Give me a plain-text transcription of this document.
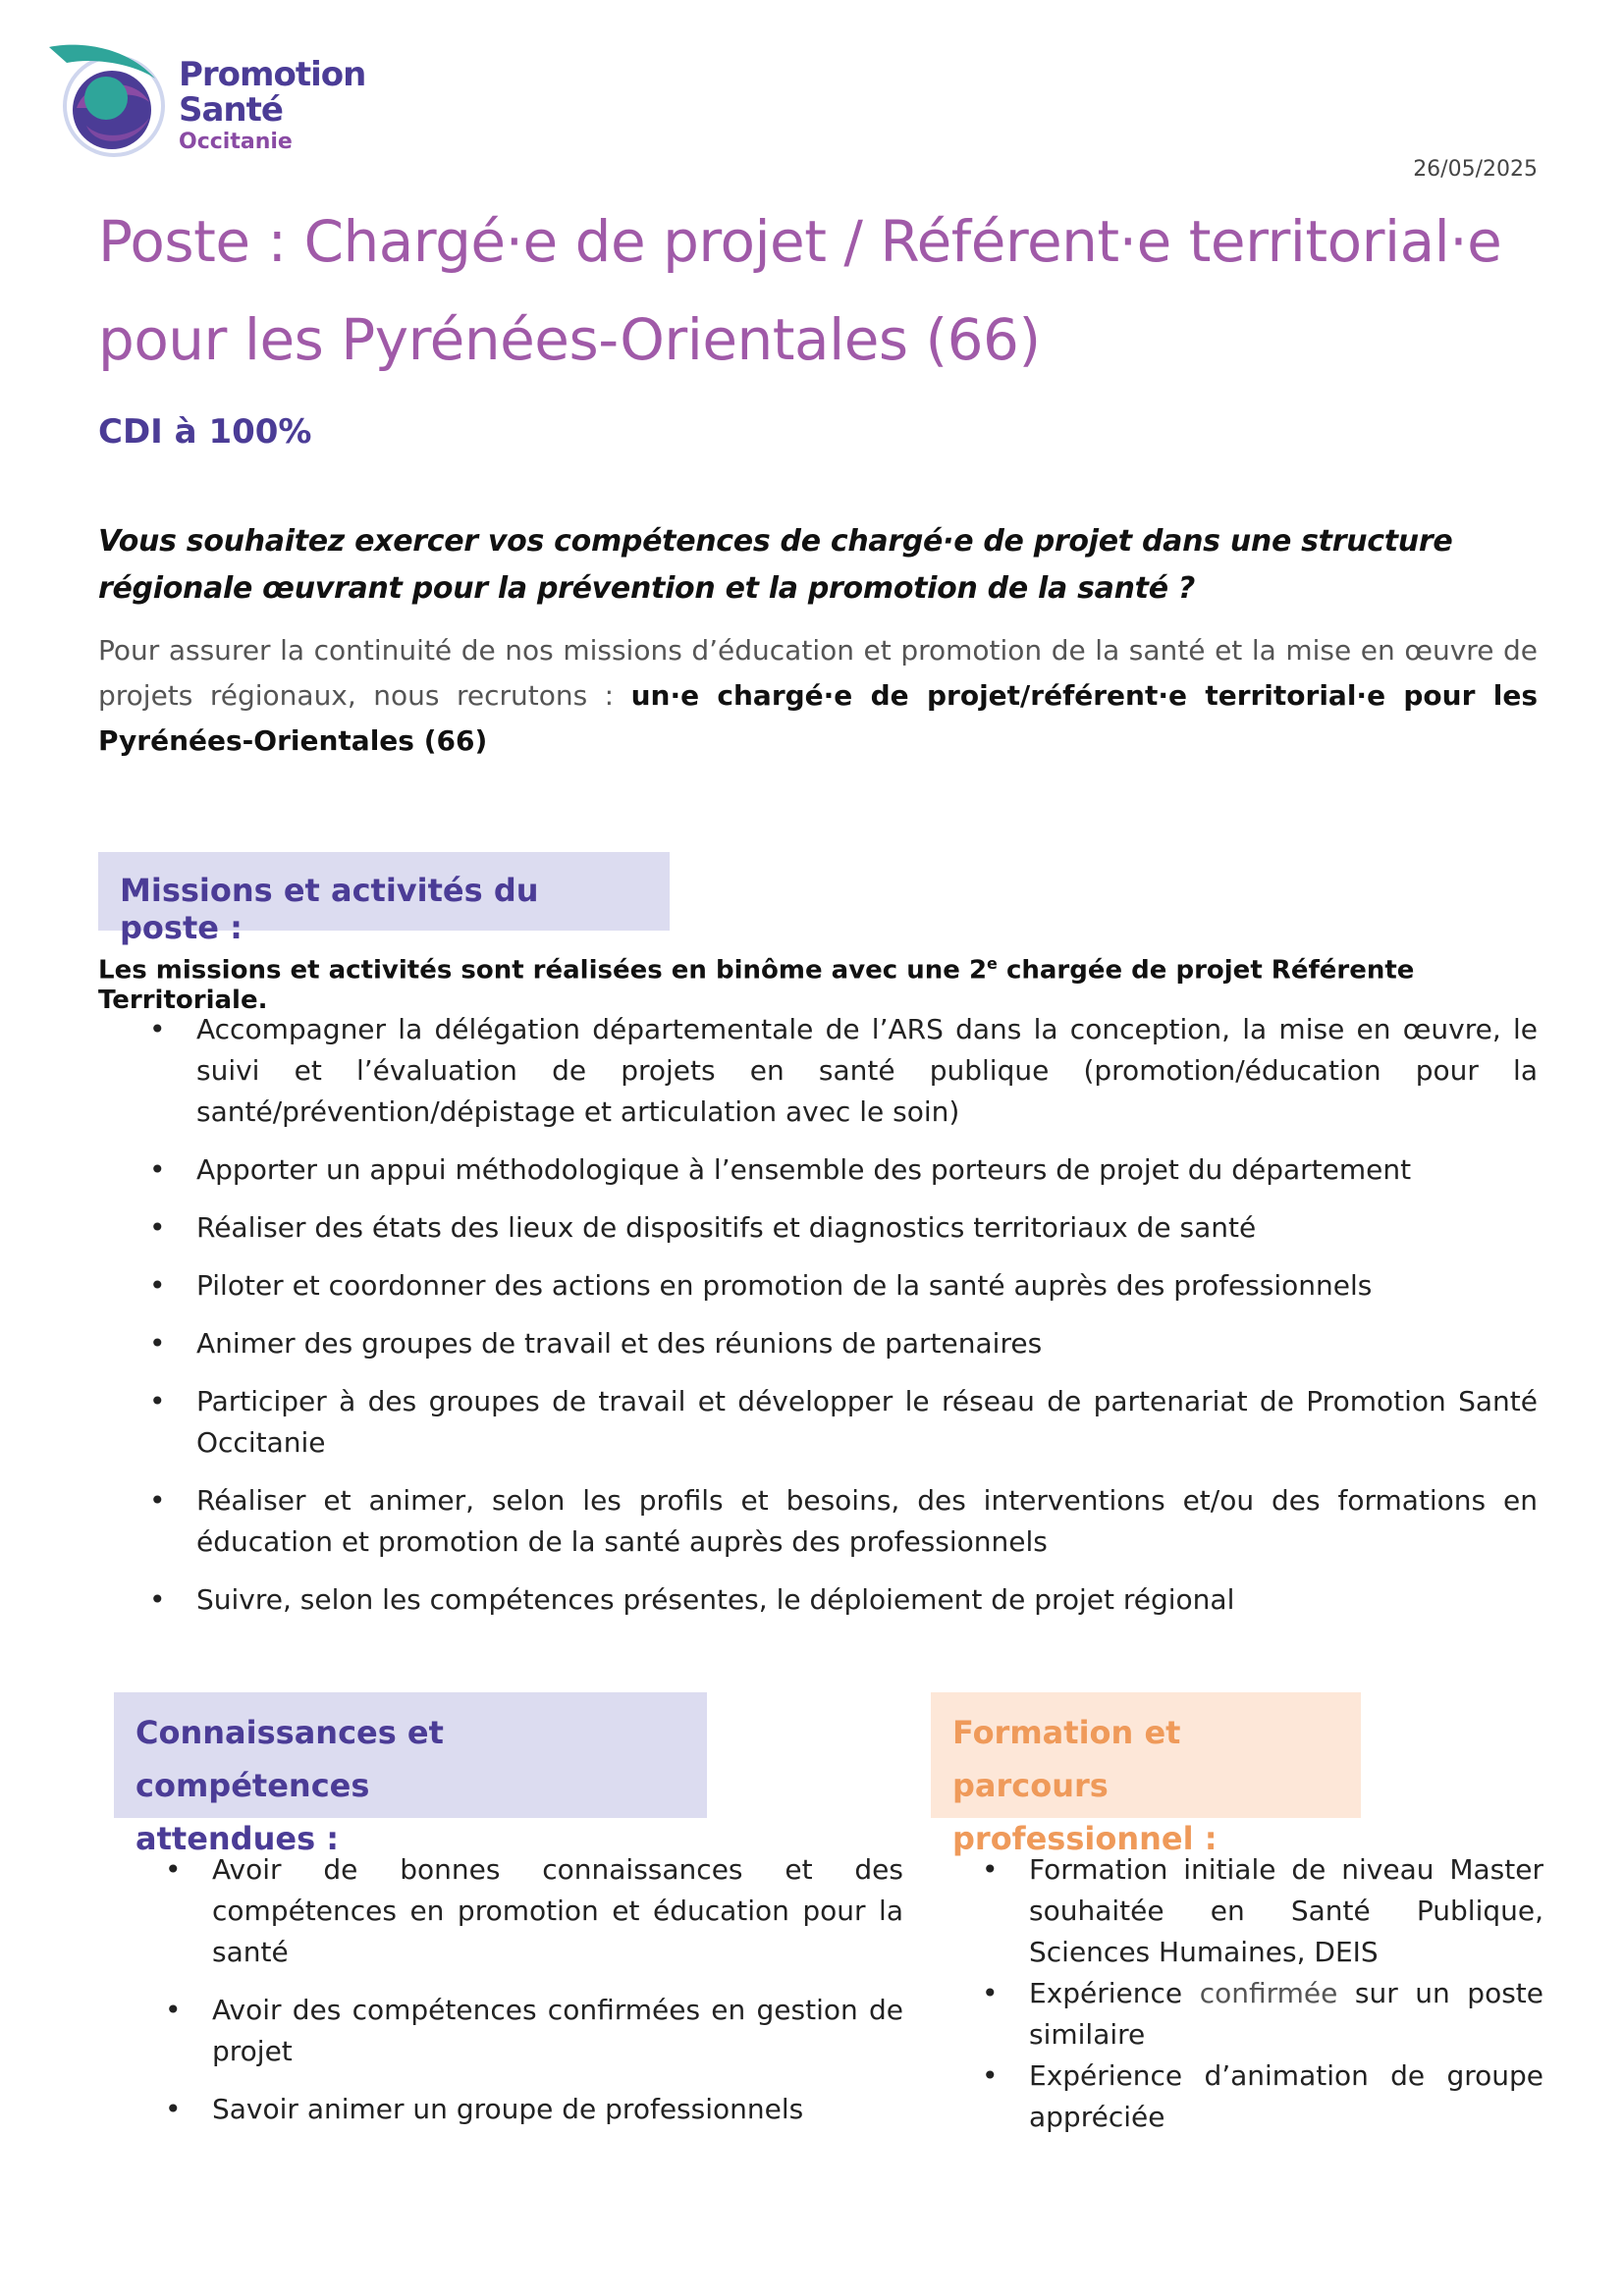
Promotion
Santé
Occitanie
26/05/2025
Poste : Chargé·e de projet / Référent·e territorial·e pour les Pyrénées-Orientales (66)
CDI à 100%
Vous souhaitez exercer vos compétences de chargé·e de projet dans une structure régionale œuvrant pour la prévention et la promotion de la santé ?

Pour assurer la continuité de nos missions d’éducation et promotion de la santé et la mise en œuvre de projets régionaux, nous recrutons : un·e chargé·e de projet/référent·e territorial·e pour les Pyrénées-Orientales (66)

Missions et activités du poste :
Les missions et activités sont réalisées en binôme avec une 2e chargée de projet Référente Territoriale.
• Accompagner la délégation départementale de l’ARS dans la conception, la mise en œuvre, le suivi et l’évaluation de projets en santé publique (promotion/éducation pour la santé/prévention/dépistage et articulation avec le soin)
• Apporter un appui méthodologique à l’ensemble des porteurs de projet du département
• Réaliser des états des lieux de dispositifs et diagnostics territoriaux de santé
• Piloter et coordonner des actions en promotion de la santé auprès des professionnels
• Animer des groupes de travail et des réunions de partenaires
• Participer à des groupes de travail et développer le réseau de partenariat de Promotion Santé Occitanie
• Réaliser et animer, selon les profils et besoins, des interventions et/ou des formations en éducation et promotion de la santé auprès des professionnels
• Suivre, selon les compétences présentes, le déploiement de projet régional
Connaissances et compétences
attendues :
Formation et parcours
professionnel :
• Avoir de bonnes connaissances et des compétences en promotion et éducation pour la santé
• Avoir des compétences confirmées en gestion de projet
• Savoir animer un groupe de professionnels
• Formation initiale de niveau Master souhaitée en Santé Publique, Sciences Humaines, DEIS
• Expérience confirmée sur un poste similaire
• Expérience d’animation de groupe appréciée
